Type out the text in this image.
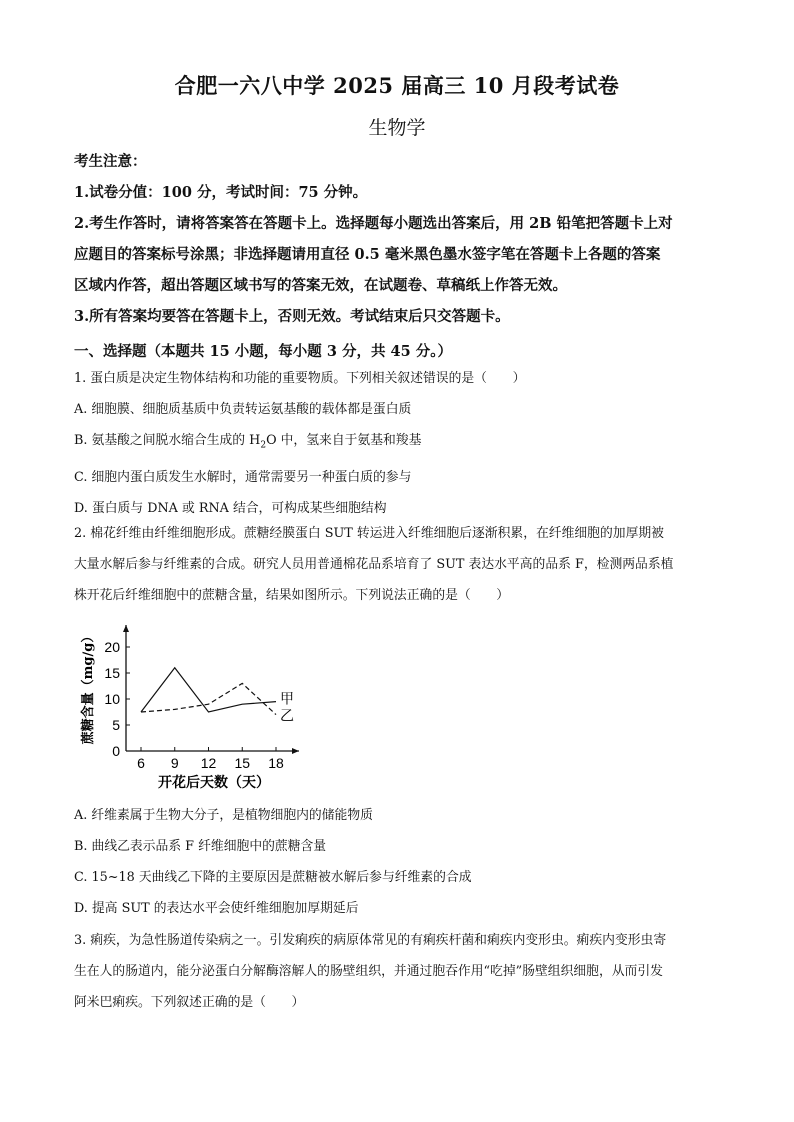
合肥一六八中学 2025 届高三 10 月段考试卷
生物学

考生注意：

1.试卷分值：100 分，考试时间：75 分钟。

2.考生作答时，请将答案答在答题卡上。选择题每小题选出答案后，用 2B 铅笔把答题卡上对

应题目的答案标号涂黑；非选择题请用直径 0.5 毫米黑色墨水签字笔在答题卡上各题的答案

区域内作答，超出答题区域书写的答案无效，在试题卷、草稿纸上作答无效。

3.所有答案均要答在答题卡上，否则无效。考试结束后只交答题卡。

一、选择题（本题共 15 小题，每小题 3 分，共 45 分。）

1. 蛋白质是决定生物体结构和功能的重要物质。下列相关叙述错误的是（　　）

A. 细胞膜、细胞质基质中负责转运氨基酸的载体都是蛋白质

B. 氨基酸之间脱水缩合生成的 $H_2O$ 中，氢来自于氨基和羧基

C. 细胞内蛋白质发生水解时，通常需要另一种蛋白质的参与

D. 蛋白质与 DNA 或 RNA 结合，可构成某些细胞结构

2. 棉花纤维由纤维细胞形成。蔗糖经膜蛋白 SUT 转运进入纤维细胞后逐渐积累，在纤维细胞的加厚期被

大量水解后参与纤维素的合成。研究人员用普通棉花品系培育了 SUT 表达水平高的品系 F，检测两品系植

株开花后纤维细胞中的蔗糖含量，结果如图所示。下列说法正确的是（　　）

6 9 12 15 18
0
5
10
15
20
开花后天数（天）
蔗糖含量（mg/g）	甲
乙

A. 纤维素属于生物大分子，是植物细胞内的储能物质

B. 曲线乙表示品系 F 纤维细胞中的蔗糖含量

C. 15~18 天曲线乙下降的主要原因是蔗糖被水解后参与纤维素的合成

D. 提高 SUT 的表达水平会使纤维细胞加厚期延后

3. 痢疾，为急性肠道传染病之一。引发痢疾的病原体常见的有痢疾杆菌和痢疾内变形虫。痢疾内变形虫寄

生在人的肠道内，能分泌蛋白分解酶溶解人的肠壁组织，并通过胞吞作用“吃掉”肠壁组织细胞，从而引发

阿米巴痢疾。下列叙述正确的是（　　）
